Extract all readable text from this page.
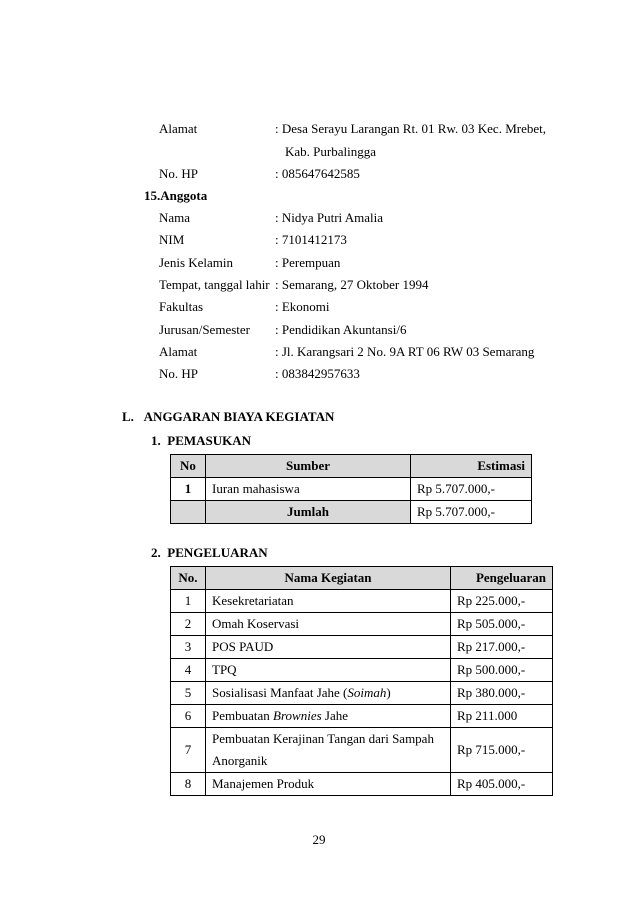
Alamat	: Desa Serayu Larangan Rt. 01 Rw. 03 Kec. Mrebet,
Kab. Purbalingga
No. HP	: 085647642585
15.Anggota
Nama	: Nidya Putri Amalia
NIM	: 7101412173
Jenis Kelamin	: Perempuan
Tempat, tanggal lahir : Semarang, 27 Oktober 1994
Fakultas	: Ekonomi
Jurusan/Semester : Pendidikan Akuntansi/6
Alamat	: Jl. Karangsari 2 No. 9A RT 06 RW 03 Semarang
No. HP	: 083842957633
L.   ANGGARAN BIAYA KEGIATAN
1.  PEMASUKAN
No	Sumber	Estimasi
1	Iuran mahasiswa	Rp 5.707.000,-
	Jumlah	Rp 5.707.000,-
2.  PENGELUARAN
No.	Nama Kegiatan	Pengeluaran
1	Kesekretariatan	Rp 225.000,-
2	Omah Koservasi	Rp 505.000,-
3	POS PAUD	Rp 217.000,-
4	TPQ	Rp 500.000,-
5	Sosialisasi Manfaat Jahe (Soimah)	Rp 380.000,-
6	Pembuatan Brownies Jahe	Rp 211.000
7	Pembuatan Kerajinan Tangan dari Sampah
Anorganik	Rp 715.000,-
8	Manajemen Produk	Rp 405.000,-
29
